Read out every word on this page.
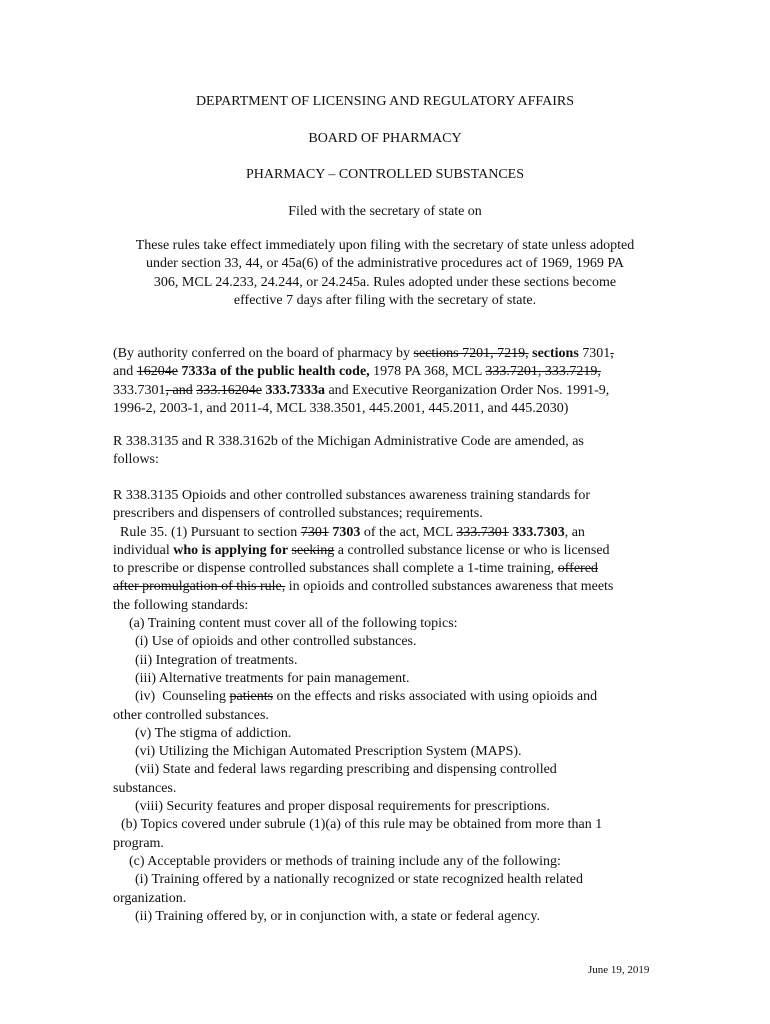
DEPARTMENT OF LICENSING AND REGULATORY AFFAIRS
BOARD OF PHARMACY
PHARMACY – CONTROLLED SUBSTANCES
Filed with the secretary of state on
These rules take effect immediately upon filing with the secretary of state unless adopted
under section 33, 44, or 45a(6) of the administrative procedures act of 1969, 1969 PA
306, MCL 24.233, 24.244, or 24.245a. Rules adopted under these sections become
effective 7 days after filing with the secretary of state.
(By authority conferred on the board of pharmacy by sections 7201, 7219, sections 7301,
and 16204e 7333a of the public health code, 1978 PA 368, MCL 333.7201, 333.7219,
333.7301, and 333.16204e 333.7333a and Executive Reorganization Order Nos. 1991-9,
1996-2, 2003-1, and 2011-4, MCL 338.3501, 445.2001, 445.2011, and 445.2030)
R 338.3135 and R 338.3162b of the Michigan Administrative Code are amended, as
follows:
R 338.3135 Opioids and other controlled substances awareness training standards for
prescribers and dispensers of controlled substances; requirements.
Rule 35. (1) Pursuant to section 7301 7303 of the act, MCL 333.7301 333.7303, an
individual who is applying for seeking a controlled substance license or who is licensed
to prescribe or dispense controlled substances shall complete a 1-time training, offered
after promulgation of this rule, in opioids and controlled substances awareness that meets
the following standards:
(a) Training content must cover all of the following topics:
(i) Use of opioids and other controlled substances.
(ii) Integration of treatments.
(iii) Alternative treatments for pain management.
(iv)  Counseling patients on the effects and risks associated with using opioids and
other controlled substances.
(v) The stigma of addiction.
(vi) Utilizing the Michigan Automated Prescription System (MAPS).
(vii) State and federal laws regarding prescribing and dispensing controlled
substances.
(viii) Security features and proper disposal requirements for prescriptions.
(b) Topics covered under subrule (1)(a) of this rule may be obtained from more than 1
program.
(c) Acceptable providers or methods of training include any of the following:
(i) Training offered by a nationally recognized or state recognized health related
organization.
(ii) Training offered by, or in conjunction with, a state or federal agency.
June 19, 2019
